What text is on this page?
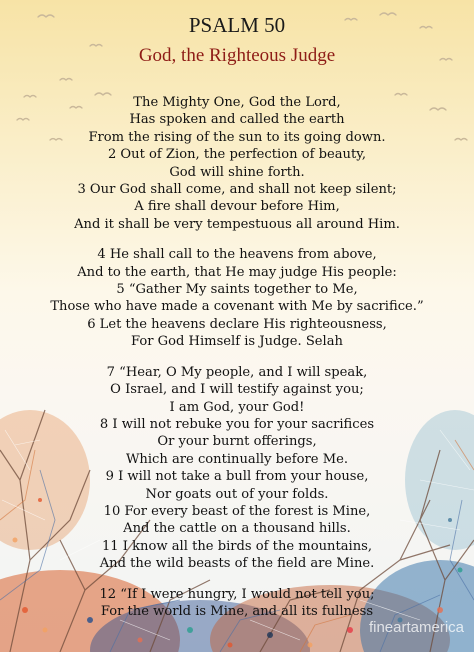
PSALM 50
God, the Righteous Judge
The Mighty One, God the Lord,
Has spoken and called the earth
From the rising of the sun to its going down.
2 Out of Zion, the perfection of beauty,
God will shine forth.
3 Our God shall come, and shall not keep silent;
A fire shall devour before Him,
And it shall be very tempestuous all around Him.
4 He shall call to the heavens from above,
And to the earth, that He may judge His people:
5 “Gather My saints together to Me,
Those who have made a covenant with Me by sacrifice.”
6 Let the heavens declare His righteousness,
For God Himself is Judge. Selah
7 “Hear, O My people, and I will speak,
O Israel, and I will testify against you;
I am God, your God!
8 I will not rebuke you for your sacrifices
Or your burnt offerings,
Which are continually before Me.
9 I will not take a bull from your house,
Nor goats out of your folds.
10 For every beast of the forest is Mine,
And the cattle on a thousand hills.
11 I know all the birds of the mountains,
And the wild beasts of the field are Mine.
12 “If I were hungry, I would not tell you;
For the world is Mine, and all its fullness
fineartamerica
